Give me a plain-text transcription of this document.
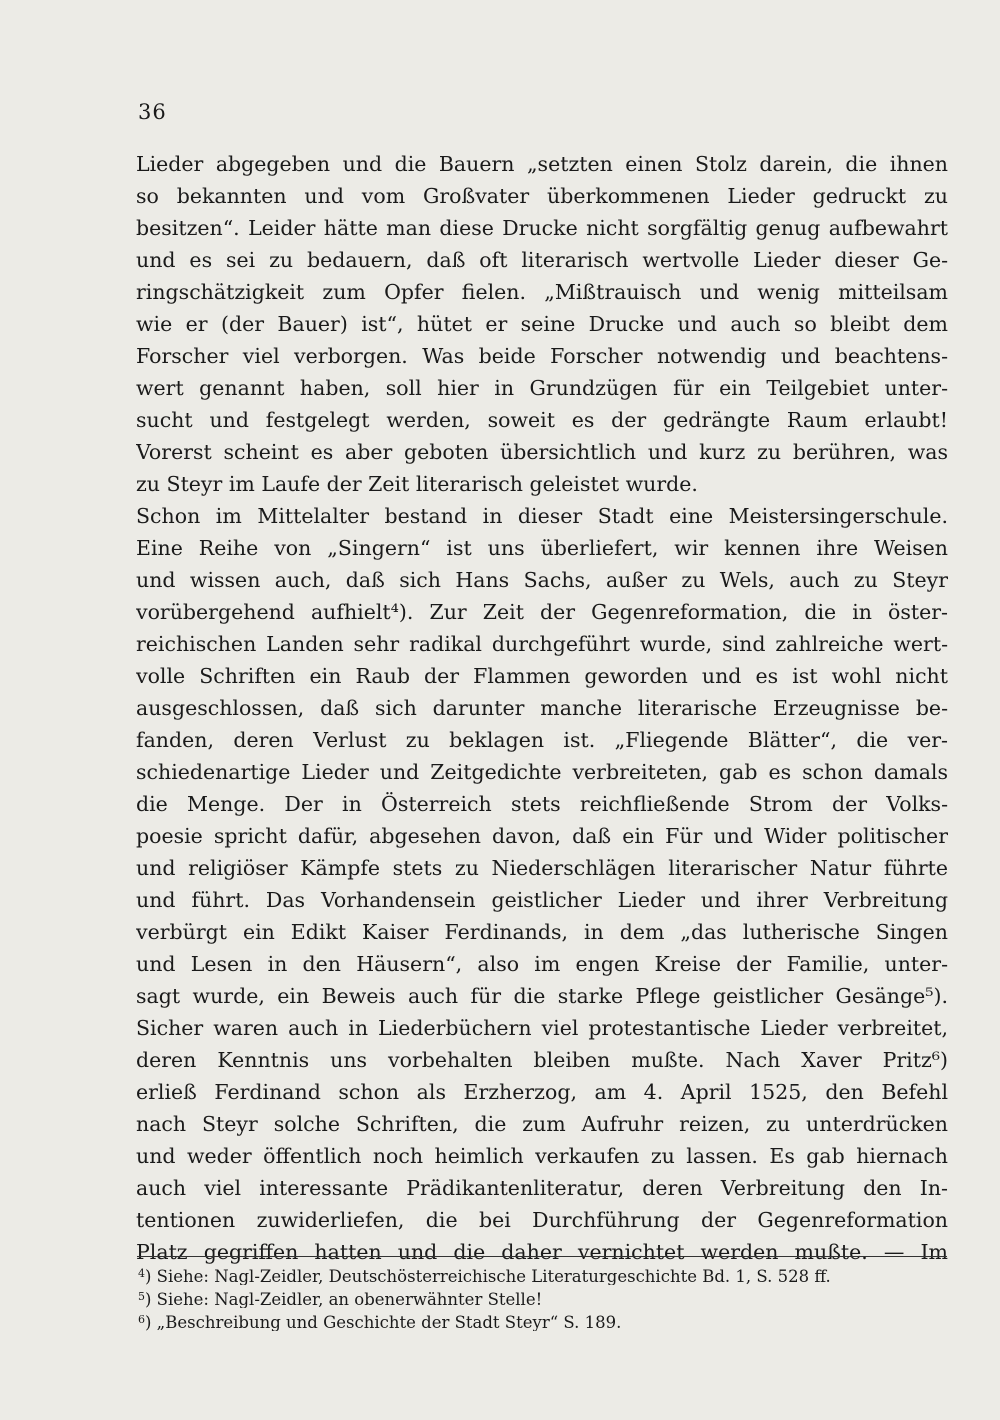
36
Lieder abgegeben und die Bauern „setzten einen Stolz darein, die ihnen
so bekannten und vom Großvater überkommenen Lieder gedruckt zu
besitzen“. Leider hätte man diese Drucke nicht sorgfältig genug aufbewahrt
und es sei zu bedauern, daß oft literarisch wertvolle Lieder dieser Ge-
ringschätzigkeit zum Opfer fielen. „Mißtrauisch und wenig mitteilsam
wie er (der Bauer) ist“, hütet er seine Drucke und auch so bleibt dem
Forscher viel verborgen. Was beide Forscher notwendig und beachtens-
wert genannt haben, soll hier in Grundzügen für ein Teilgebiet unter-
sucht und festgelegt werden, soweit es der gedrängte Raum erlaubt!
Vorerst scheint es aber geboten übersichtlich und kurz zu berühren, was
zu Steyr im Laufe der Zeit literarisch geleistet wurde.
Schon im Mittelalter bestand in dieser Stadt eine Meistersingerschule.
Eine Reihe von „Singern“ ist uns überliefert, wir kennen ihre Weisen
und wissen auch, daß sich Hans Sachs, außer zu Wels, auch zu Steyr
vorübergehend aufhielt⁴). Zur Zeit der Gegenreformation, die in öster-
reichischen Landen sehr radikal durchgeführt wurde, sind zahlreiche wert-
volle Schriften ein Raub der Flammen geworden und es ist wohl nicht
ausgeschlossen, daß sich darunter manche literarische Erzeugnisse be-
fanden, deren Verlust zu beklagen ist. „Fliegende Blätter“, die ver-
schiedenartige Lieder und Zeitgedichte verbreiteten, gab es schon damals
die Menge. Der in Österreich stets reichfließende Strom der Volks-
poesie spricht dafür, abgesehen davon, daß ein Für und Wider politischer
und religiöser Kämpfe stets zu Niederschlägen literarischer Natur führte
und führt. Das Vorhandensein geistlicher Lieder und ihrer Verbreitung
verbürgt ein Edikt Kaiser Ferdinands, in dem „das lutherische Singen
und Lesen in den Häusern“, also im engen Kreise der Familie, unter-
sagt wurde, ein Beweis auch für die starke Pflege geistlicher Gesänge⁵).
Sicher waren auch in Liederbüchern viel protestantische Lieder verbreitet,
deren Kenntnis uns vorbehalten bleiben mußte. Nach Xaver Pritz⁶)
erließ Ferdinand schon als Erzherzog, am 4. April 1525, den Befehl
nach Steyr solche Schriften, die zum Aufruhr reizen, zu unterdrücken
und weder öffentlich noch heimlich verkaufen zu lassen. Es gab hiernach
auch viel interessante Prädikantenliteratur, deren Verbreitung den In-
tentionen zuwiderliefen, die bei Durchführung der Gegenreformation
Platz gegriffen hatten und die daher vernichtet werden mußte. — Im
$^4$) Siehe: Nagl-Zeidler, Deutschösterreichische Literaturgeschichte Bd. 1, S. 528 ff.
$^5$) Siehe: Nagl-Zeidler, an obenerwähnter Stelle!
$^6$) „Beschreibung und Geschichte der Stadt Steyr“ S. 189.
